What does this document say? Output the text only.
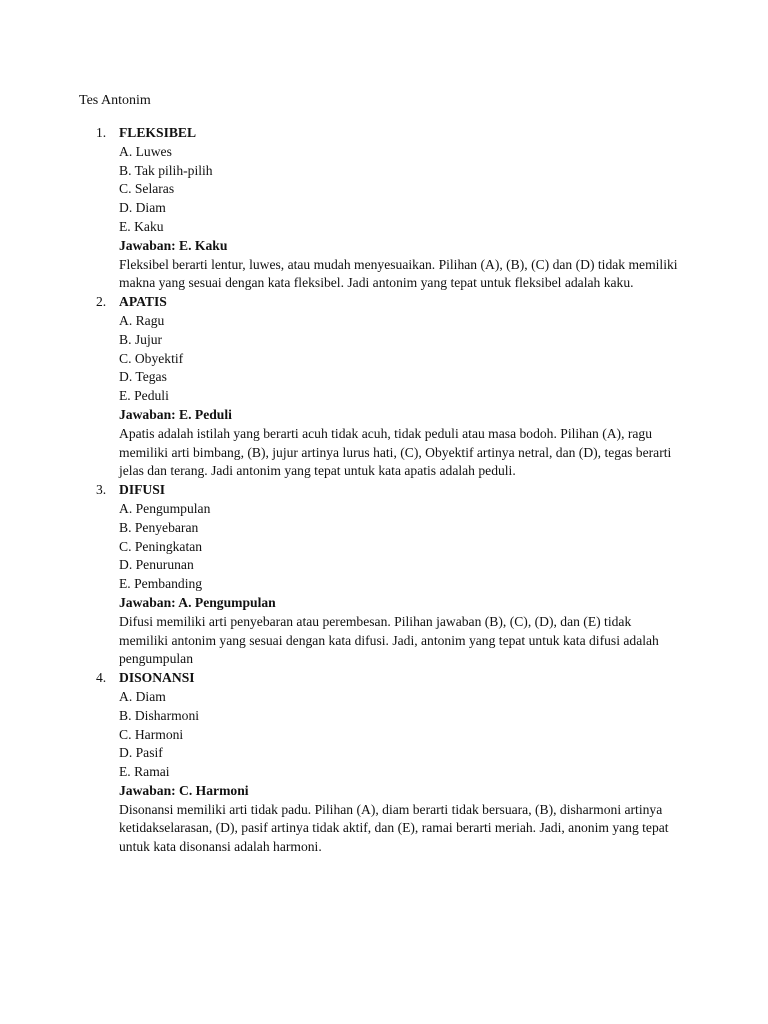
Tes Antonim
1. FLEKSIBEL
A. Luwes
B. Tak pilih-pilih
C. Selaras
D. Diam
E. Kaku
Jawaban: E. Kaku
Fleksibel berarti lentur, luwes, atau mudah menyesuaikan. Pilihan (A), (B), (C) dan (D) tidak memiliki makna yang sesuai dengan kata fleksibel. Jadi antonim yang tepat untuk fleksibel adalah kaku.
2. APATIS
A. Ragu
B. Jujur
C. Obyektif
D. Tegas
E. Peduli
Jawaban: E. Peduli
Apatis adalah istilah yang berarti acuh tidak acuh, tidak peduli atau masa bodoh. Pilihan (A), ragu memiliki arti bimbang, (B), jujur artinya lurus hati, (C), Obyektif artinya netral, dan (D), tegas berarti jelas dan terang. Jadi antonim yang tepat untuk kata apatis adalah peduli.
3. DIFUSI
A. Pengumpulan
B. Penyebaran
C. Peningkatan
D. Penurunan
E. Pembanding
Jawaban: A. Pengumpulan
Difusi memiliki arti penyebaran atau perembesan. Pilihan jawaban (B), (C), (D), dan (E) tidak memiliki antonim yang sesuai dengan kata difusi. Jadi, antonim yang tepat untuk kata difusi adalah pengumpulan
4. DISONANSI
A. Diam
B. Disharmoni
C. Harmoni
D. Pasif
E. Ramai
Jawaban: C. Harmoni
Disonansi memiliki arti tidak padu. Pilihan (A), diam berarti tidak bersuara, (B), disharmoni artinya ketidakselarasan, (D), pasif artinya tidak aktif, dan (E), ramai berarti meriah. Jadi, anonim yang tepat untuk kata disonansi adalah harmoni.
